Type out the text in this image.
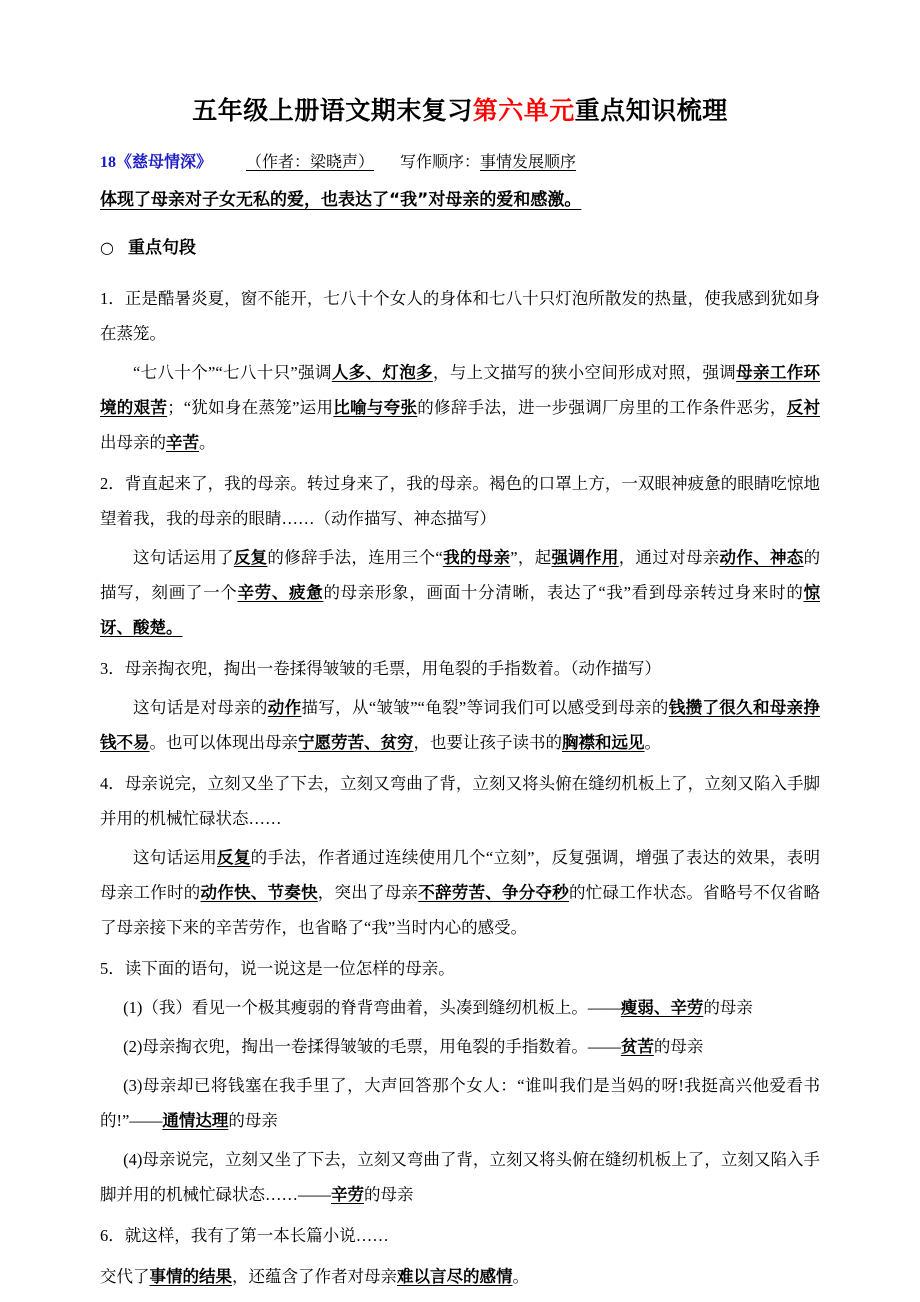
五年级上册语文期末复习第六单元重点知识梳理

18《慈母情深》 （作者：梁晓声） 写作顺序：事情发展顺序

体现了母亲对子女无私的爱，也表达了“我”对母亲的爱和感激。

○ 重点句段

1．正是酷暑炎夏，窗不能开，七八十个女人的身体和七八十只灯泡所散发的热量，使我感到犹如身在蒸笼。

“七八十个”“七八十只”强调人多、灯泡多，与上文描写的狭小空间形成对照，强调母亲工作环境的艰苦；“犹如身在蒸笼”运用比喻与夸张的修辞手法，进一步强调厂房里的工作条件恶劣，反衬出母亲的辛苦。

2．背直起来了，我的母亲。转过身来了，我的母亲。褐色的口罩上方，一双眼神疲惫的眼睛吃惊地望着我，我的母亲的眼睛……（动作描写、神态描写）

这句话运用了反复的修辞手法，连用三个“我的母亲”，起强调作用，通过对母亲动作、神态的描写，刻画了一个辛劳、疲惫的母亲形象，画面十分清晰，表达了“我”看到母亲转过身来时的惊讶、酸楚。

3．母亲掏衣兜，掏出一卷揉得皱皱的毛票，用龟裂的手指数着。（动作描写）

这句话是对母亲的动作描写，从“皱皱”“龟裂”等词我们可以感受到母亲的钱攒了很久和母亲挣钱不易。也可以体现出母亲宁愿劳苦、贫穷，也要让孩子读书的胸襟和远见。

4．母亲说完，立刻又坐了下去，立刻又弯曲了背，立刻又将头俯在缝纫机板上了，立刻又陷入手脚并用的机械忙碌状态……

这句话运用反复的手法，作者通过连续使用几个“立刻”，反复强调，增强了表达的效果，表明母亲工作时的动作快、节奏快，突出了母亲不辞劳苦、争分夺秒的忙碌工作状态。省略号不仅省略了母亲接下来的辛苦劳作，也省略了“我”当时内心的感受。

5．读下面的语句，说一说这是一位怎样的母亲。

(1)（我）看见一个极其瘦弱的脊背弯曲着，头凑到缝纫机板上。——瘦弱、辛劳的母亲

(2)母亲掏衣兜，掏出一卷揉得皱皱的毛票，用龟裂的手指数着。——贫苦的母亲

(3)母亲却已将钱塞在我手里了，大声回答那个女人：“谁叫我们是当妈的呀!我挺高兴他爱看书的!”——通情达理的母亲

(4)母亲说完，立刻又坐了下去，立刻又弯曲了背，立刻又将头俯在缝纫机板上了，立刻又陷入手脚并用的机械忙碌状态……——辛劳的母亲

6．就这样，我有了第一本长篇小说……

交代了事情的结果，还蕴含了作者对母亲难以言尽的感情。
